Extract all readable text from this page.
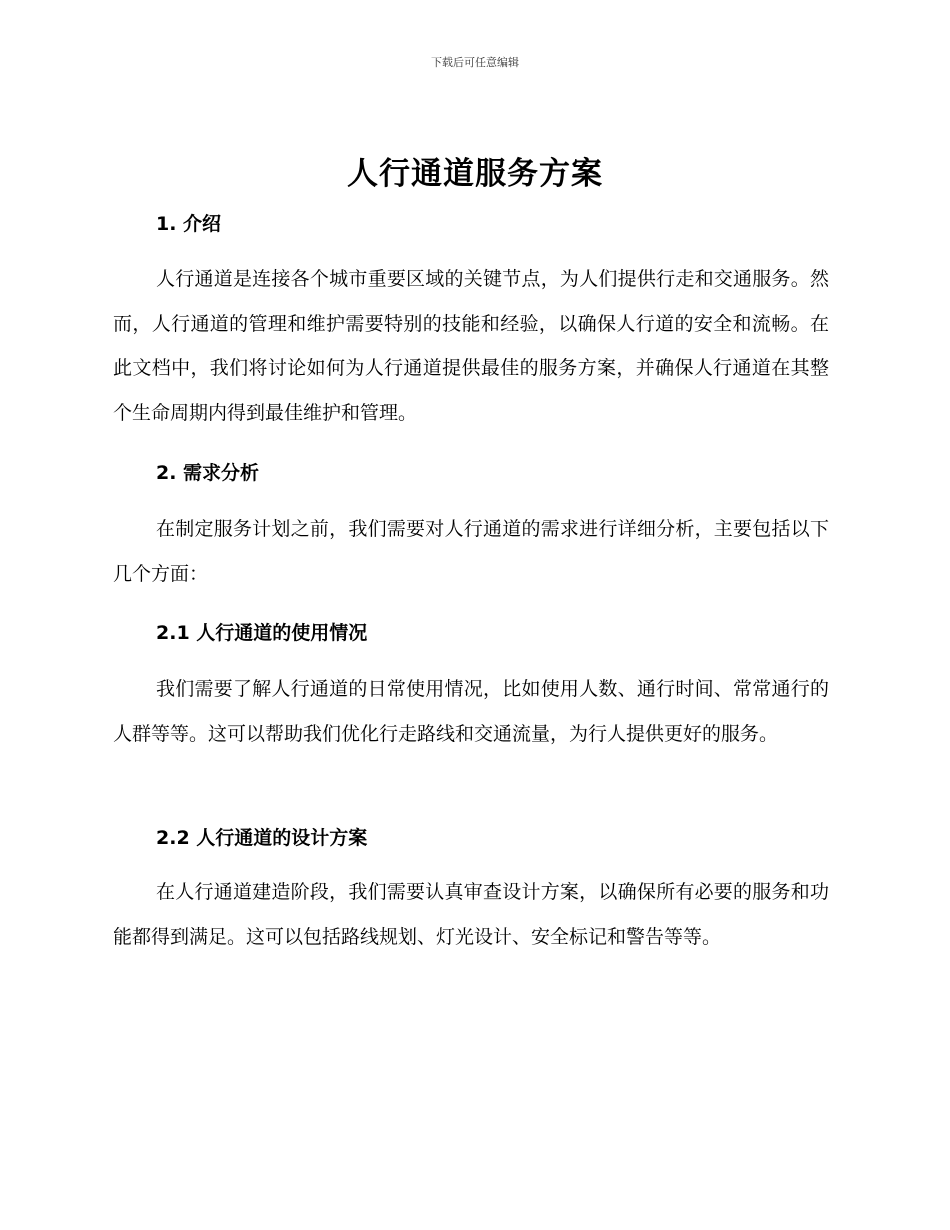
下载后可任意编辑
人行通道服务方案
1. 介绍

人行通道是连接各个城市重要区域的关键节点，为人们提供行走和交通服务。然而，人行通道的管理和维护需要特别的技能和经验，以确保人行道的安全和流畅。在此文档中，我们将讨论如何为人行通道提供最佳的服务方案，并确保人行通道在其整个生命周期内得到最佳维护和管理。

2. 需求分析

在制定服务计划之前，我们需要对人行通道的需求进行详细分析，主要包括以下几个方面：

2.1 人行通道的使用情况

我们需要了解人行通道的日常使用情况，比如使用人数、通行时间、常常通行的人群等等。这可以帮助我们优化行走路线和交通流量，为行人提供更好的服务。

2.2 人行通道的设计方案

在人行通道建造阶段，我们需要认真审查设计方案，以确保所有必要的服务和功能都得到满足。这可以包括路线规划、灯光设计、安全标记和警告等等。
